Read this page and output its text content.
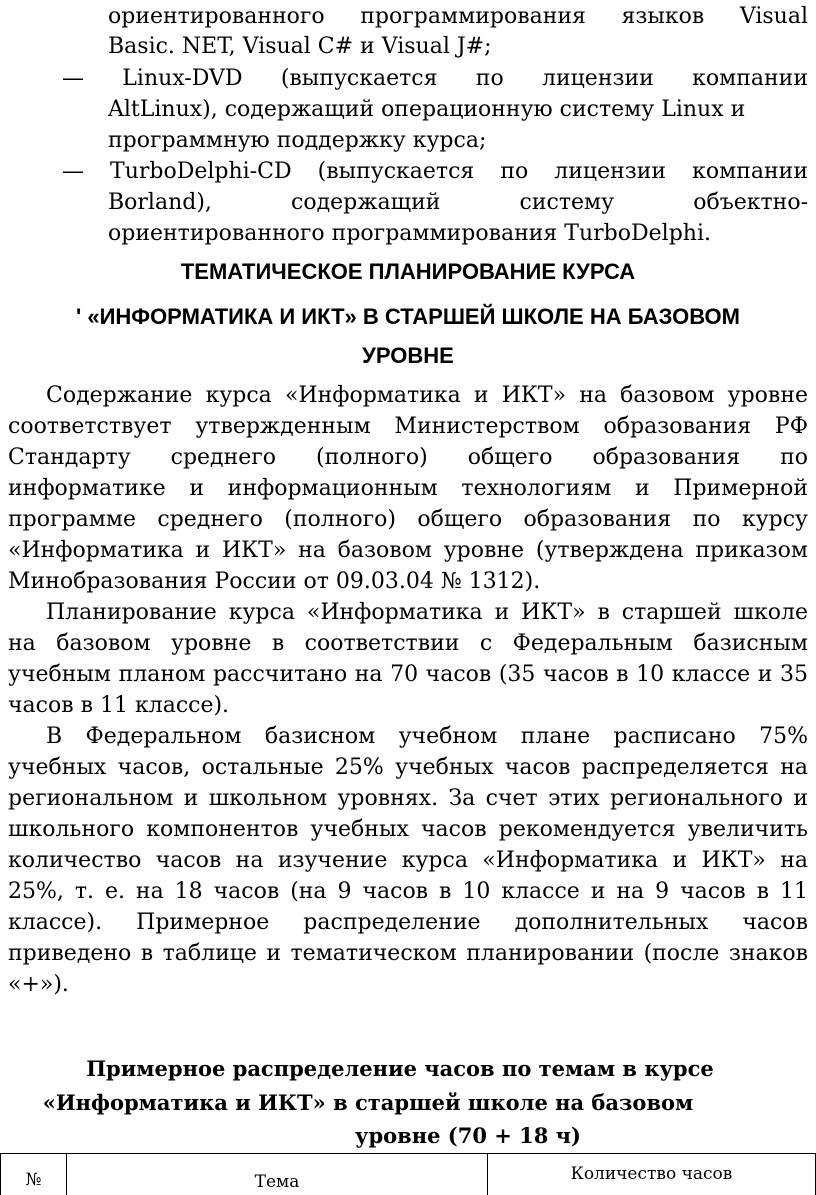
ориентированного программирования языков Visual
Basic. NET, Visual C# и Visual J#;
— Linux-DVD (выпускается по лицензии компании
AltLinux), содержащий операционную систему Linux и
программную поддержку курса;
— TurboDelphi-CD (выпускается по лицензии компании
Borland), содержащий систему объектно-
ориентированного программирования TurboDelphi.
ТЕМАТИЧЕСКОЕ ПЛАНИРОВАНИЕ КУРСА
' «ИНФОРМАТИКА И ИКТ» В СТАРШЕЙ ШКОЛЕ НА БАЗОВОМ
УРОВНЕ
Содержание курса «Информатика и ИКТ» на базовом уровне
соответствует утвержденным Министерством образования РФ
Стандарту среднего (полного) общего образования по
информатике и информационным технологиям и Примерной
программе среднего (полного) общего образования по курсу
«Информатика и ИКТ» на базовом уровне (утверждена приказом
Минобразования России от 09.03.04 № 1312).
Планирование курса «Информатика и ИКТ» в старшей школе
на базовом уровне в соответствии с Федеральным базисным
учебным планом рассчитано на 70 часов (35 часов в 10 классе и 35
часов в 11 классе).
В Федеральном базисном учебном плане расписано 75%
учебных часов, остальные 25% учебных часов распределяется на
региональном и школьном уровнях. За счет этих регионального и
школьного компонентов учебных часов рекомендуется увеличить
количество часов на изучение курса «Информатика и ИКТ» на
25%, т. е. на 18 часов (на 9 часов в 10 классе и на 9 часов в 11
классе). Примерное распределение дополнительных часов
приведено в таблице и тематическом планировании (после знаков
«+»).
Примерное распределение часов по темам в курсе
«Информатика и ИКТ» в старшей школе на базовом
уровне (70 + 18 ч)
№	Тема	Количество часов
